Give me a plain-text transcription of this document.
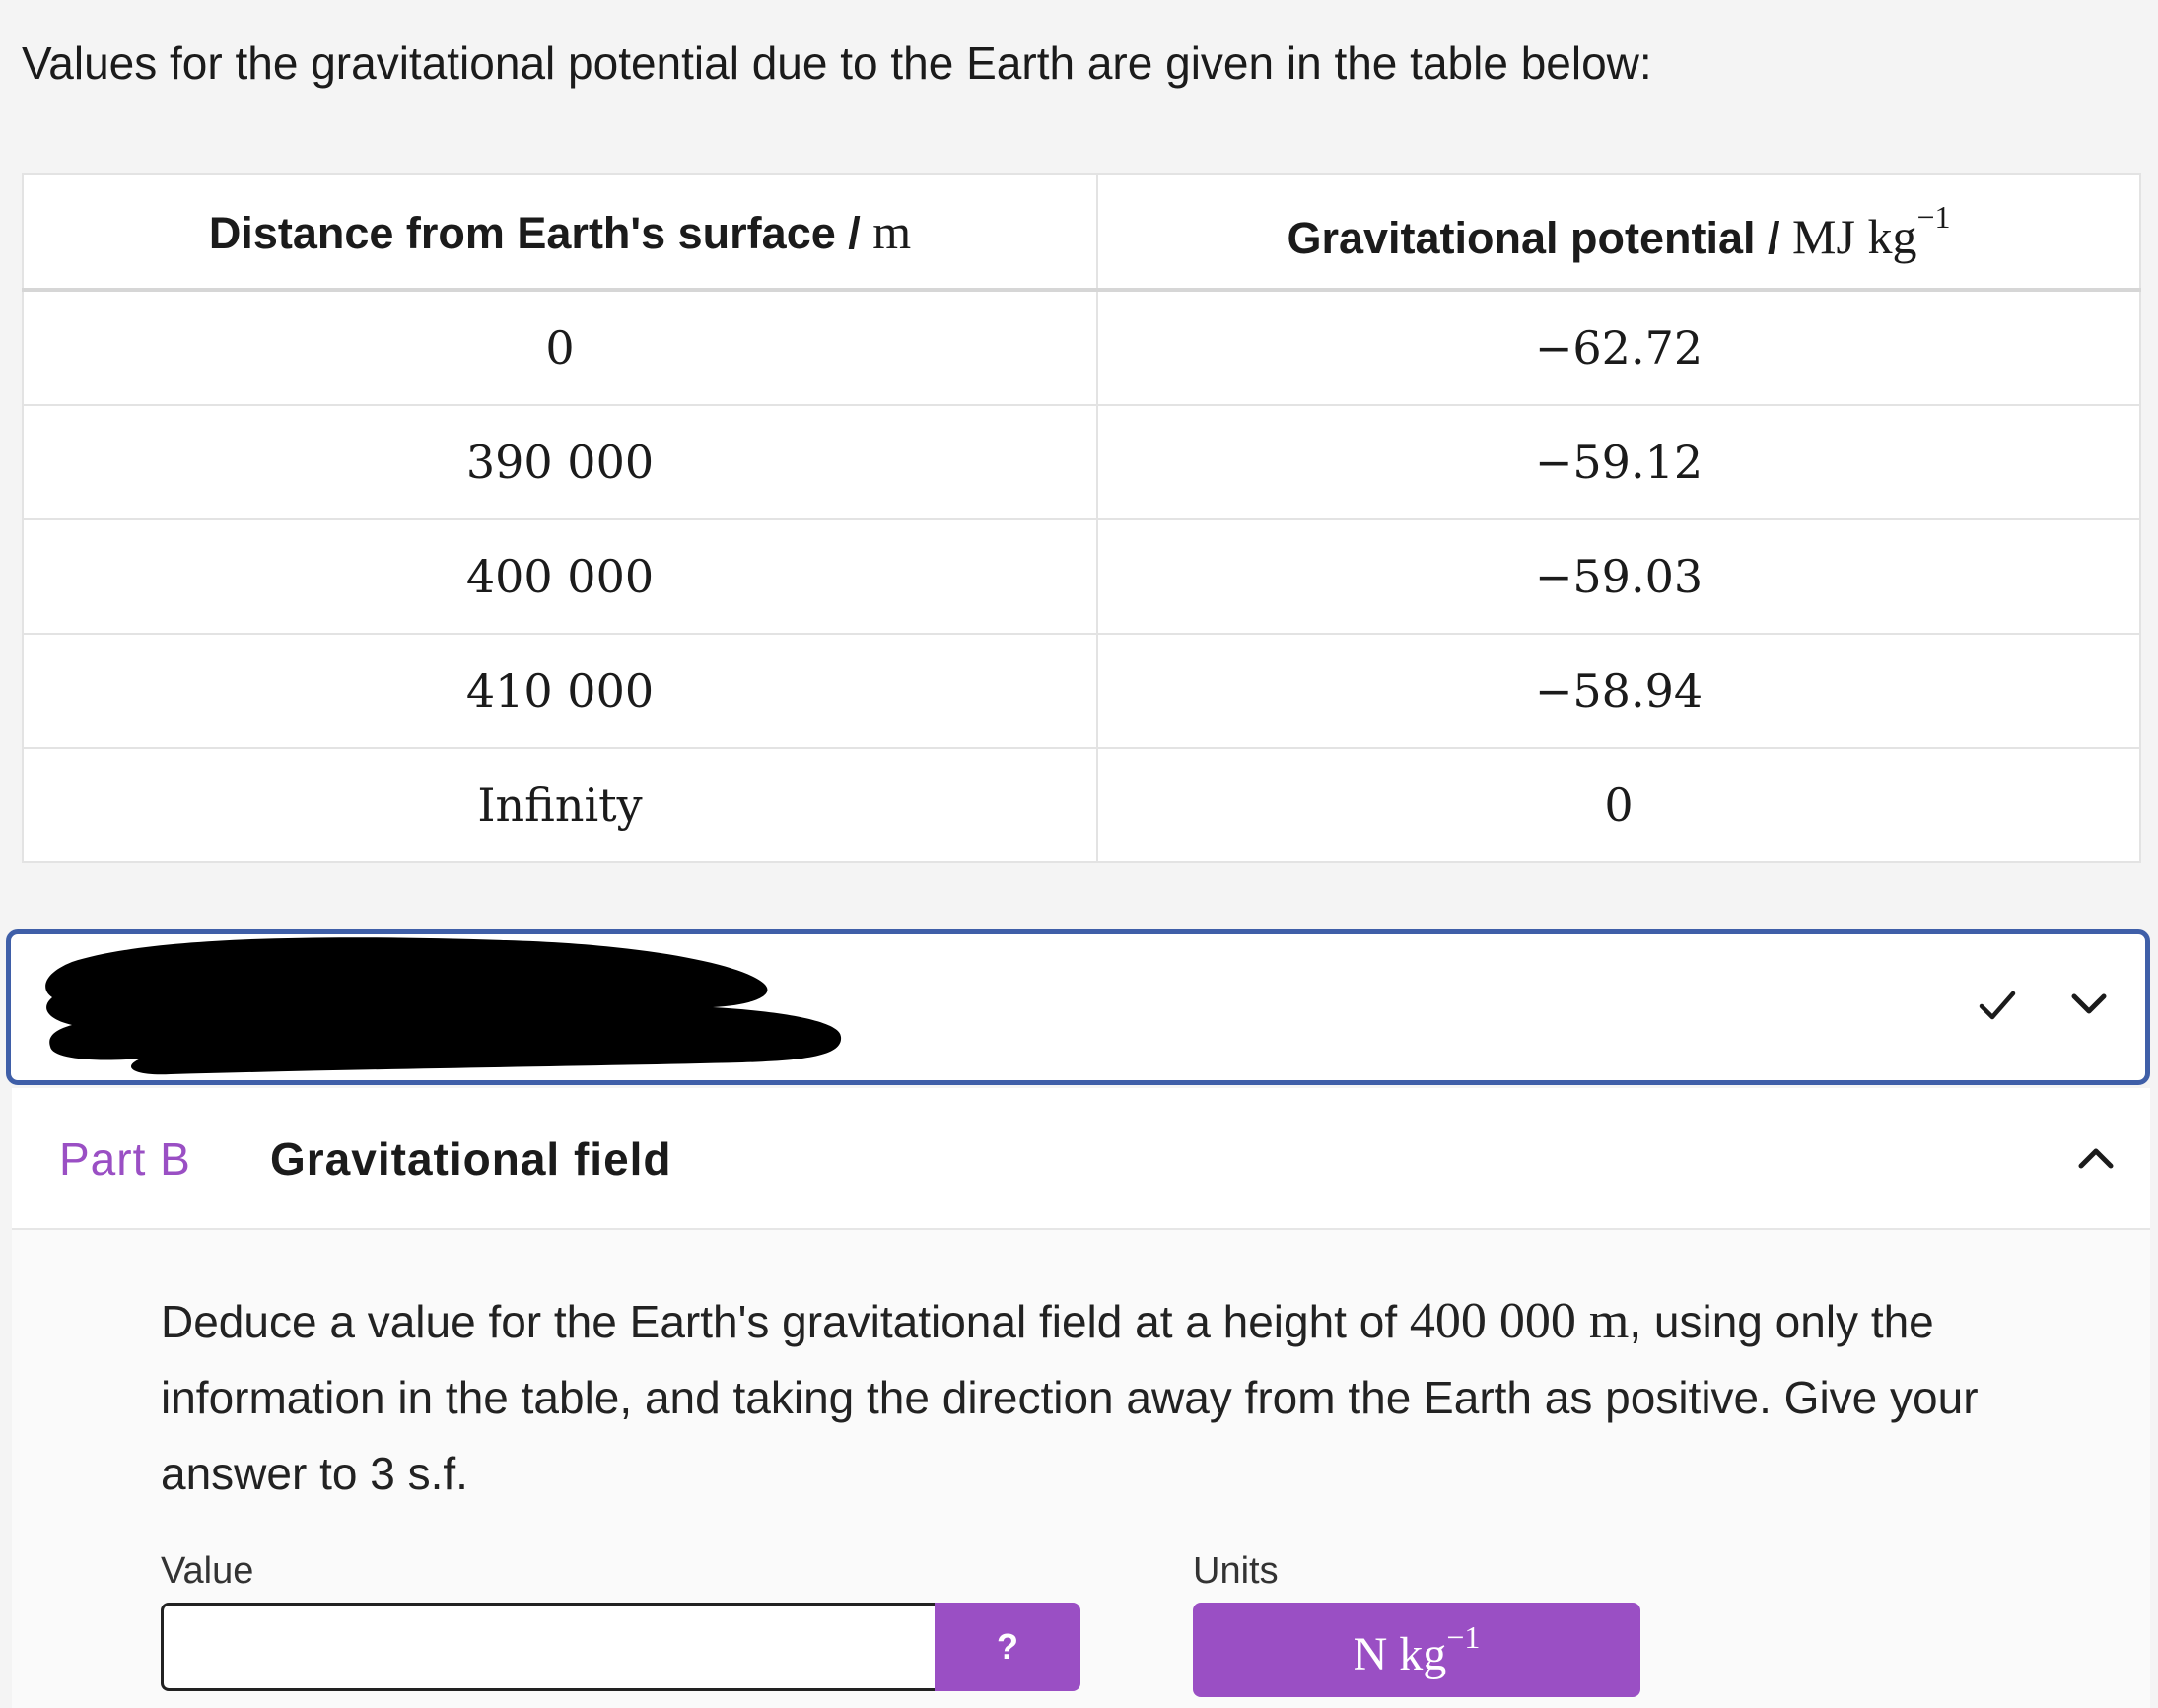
Values for the gravitational potential due to the Earth are given in the table below:
Distance from Earth's surface / m	Gravitational potential / MJ $kg^{-1}$
0	−62.72
390 000	−59.12
400 000	−59.03
410 000	−58.94
Infinity	0
Part B Gravitational field
Deduce a value for the Earth's gravitational field at a height of 400 000 m, using only the information in the table, and taking the direction away from the Earth as positive. Give your answer to 3 s.f.
Value	Units
?	N $kg^{-1}$
